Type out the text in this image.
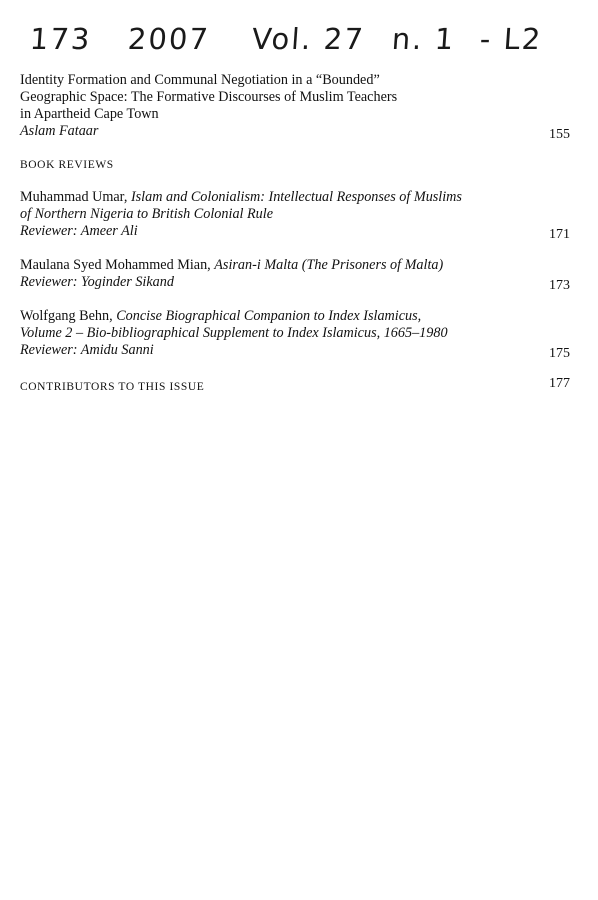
173 2007 Vol. 27 n. 1 - L2
Identity Formation and Communal Negotiation in a “Bounded”
Geographic Space: The Formative Discourses of Muslim Teachers
in Apartheid Cape Town
Aslam Fataar	155
BOOK REVIEWS
Muhammad Umar, Islam and Colonialism: Intellectual Responses of Muslims
of Northern Nigeria to British Colonial Rule
Reviewer: Ameer Ali	171
Maulana Syed Mohammed Mian, Asiran-i Malta (The Prisoners of Malta)
Reviewer: Yoginder Sikand	173
Wolfgang Behn, Concise Biographical Companion to Index Islamicus,
Volume 2 – Bio-bibliographical Supplement to Index Islamicus, 1665–1980
Reviewer: Amidu Sanni	175
CONTRIBUTORS TO THIS ISSUE	177
